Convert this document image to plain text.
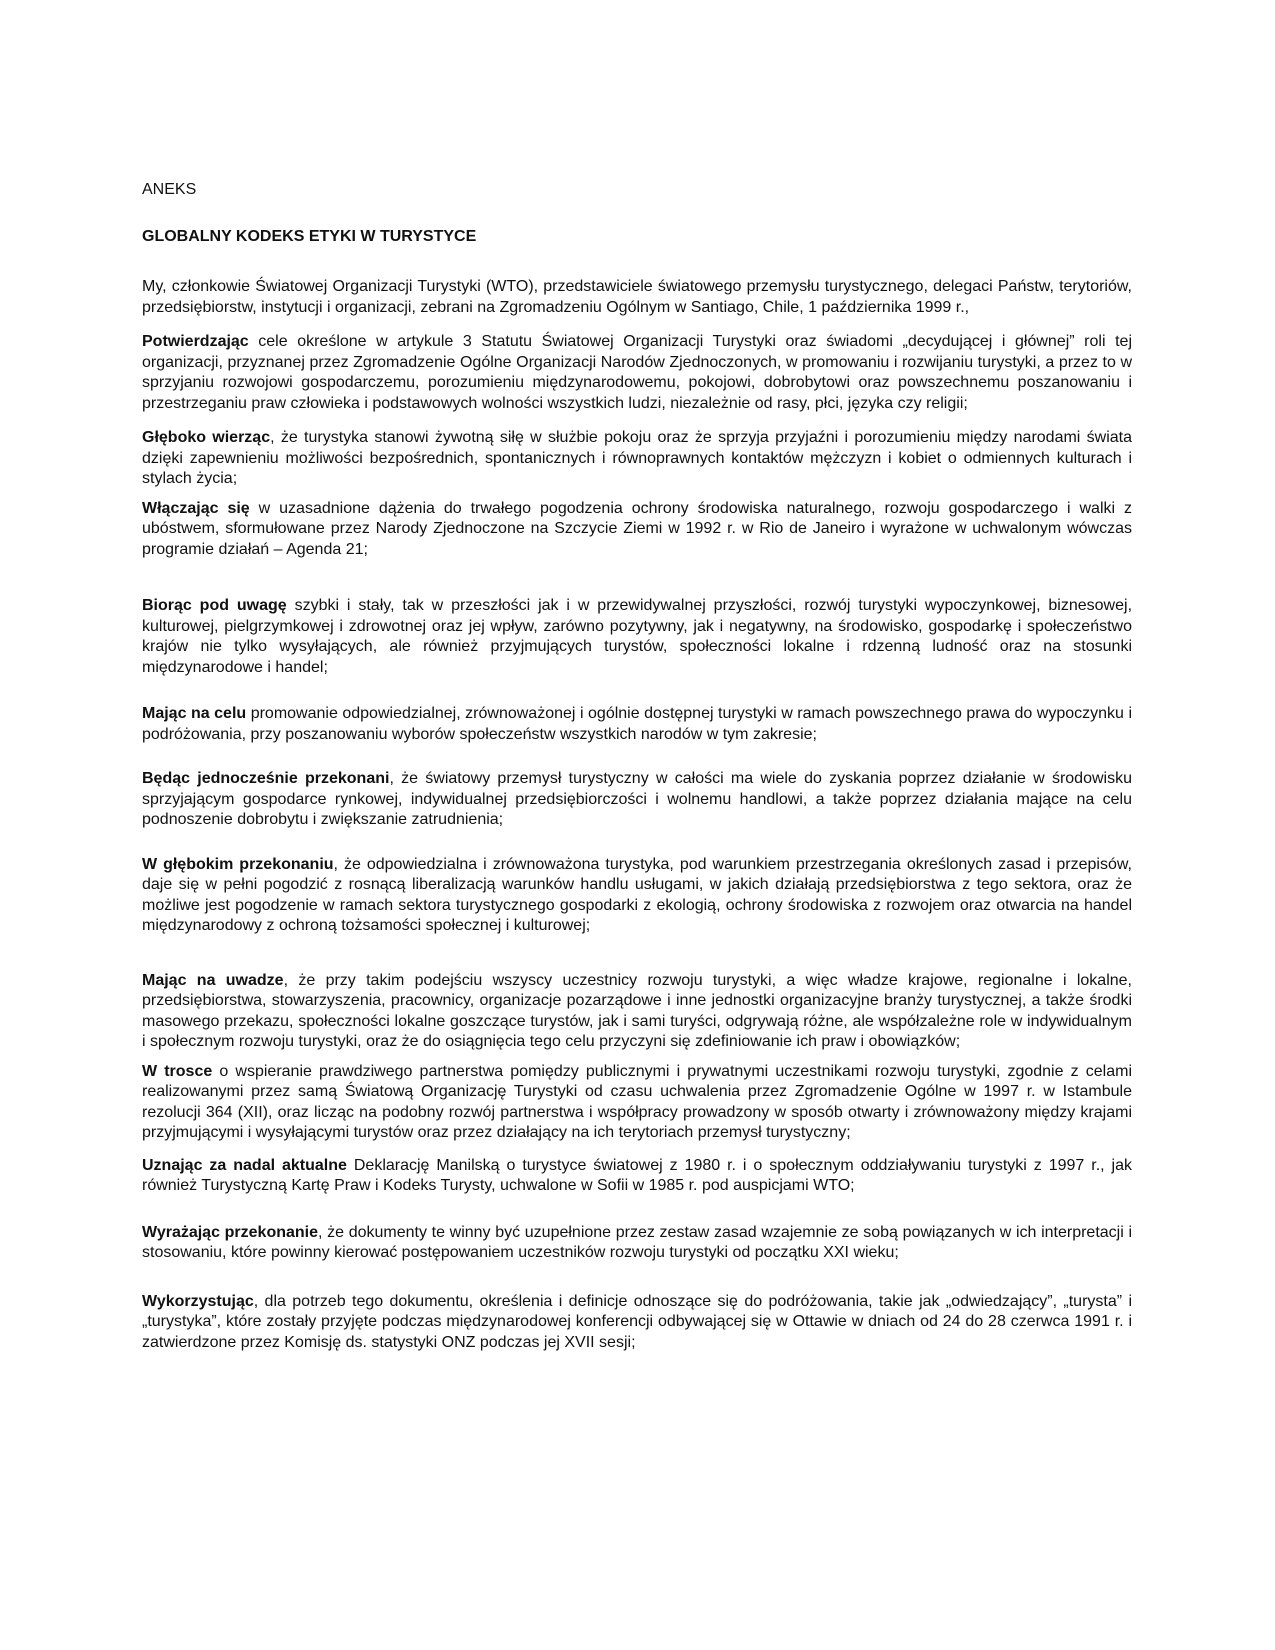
ANEKS

GLOBALNY KODEKS ETYKI W TURYSTYCE

My, członkowie Światowej Organizacji Turystyki (WTO), przedstawiciele światowego przemysłu turystycznego, delegaci Państw, terytoriów, przedsiębiorstw, instytucji i organizacji, zebrani na Zgromadzeniu Ogólnym w Santiago, Chile, 1 października 1999 r.,

Potwierdzając cele określone w artykule 3 Statutu Światowej Organizacji Turystyki oraz świadomi „decydującej i głównej” roli tej organizacji, przyznanej przez Zgromadzenie Ogólne Organizacji Narodów Zjednoczonych, w promowaniu i rozwijaniu turystyki, a przez to w sprzyjaniu rozwojowi gospodarczemu, porozumieniu międzynarodowemu, pokojowi, dobrobytowi oraz powszechnemu poszanowaniu i przestrzeganiu praw człowieka i podstawowych wolności wszystkich ludzi, niezależnie od rasy, płci, języka czy religii;

Głęboko wierząc, że turystyka stanowi żywotną siłę w służbie pokoju oraz że sprzyja przyjaźni i porozumieniu między narodami świata dzięki zapewnieniu możliwości bezpośrednich, spontanicznych i równoprawnych kontaktów mężczyzn i kobiet o odmiennych kulturach i stylach życia;

Włączając się w uzasadnione dążenia do trwałego pogodzenia ochrony środowiska naturalnego, rozwoju gospodarczego i walki z ubóstwem, sformułowane przez Narody Zjednoczone na Szczycie Ziemi w 1992 r. w Rio de Janeiro i wyrażone w uchwalonym wówczas programie działań – Agenda 21;

Biorąc pod uwagę szybki i stały, tak w przeszłości jak i w przewidywalnej przyszłości, rozwój turystyki wypoczynkowej, biznesowej, kulturowej, pielgrzymkowej i zdrowotnej oraz jej wpływ, zarówno pozytywny, jak i negatywny, na środowisko, gospodarkę i społeczeństwo krajów nie tylko wysyłających, ale również przyjmujących turystów, społeczności lokalne i rdzenną ludność oraz na stosunki międzynarodowe i handel;

Mając na celu promowanie odpowiedzialnej, zrównoważonej i ogólnie dostępnej turystyki w ramach powszechnego prawa do wypoczynku i podróżowania, przy poszanowaniu wyborów społeczeństw wszystkich narodów w tym zakresie;

Będąc jednocześnie przekonani, że światowy przemysł turystyczny w całości ma wiele do zyskania poprzez działanie w środowisku sprzyjającym gospodarce rynkowej, indywidualnej przedsiębiorczości i wolnemu handlowi, a także poprzez działania mające na celu podnoszenie dobrobytu i zwiększanie zatrudnienia;

W głębokim przekonaniu, że odpowiedzialna i zrównoważona turystyka, pod warunkiem przestrzegania określonych zasad i przepisów, daje się w pełni pogodzić z rosnącą liberalizacją warunków handlu usługami, w jakich działają przedsiębiorstwa z tego sektora, oraz że możliwe jest pogodzenie w ramach sektora turystycznego gospodarki z ekologią, ochrony środowiska z rozwojem oraz otwarcia na handel międzynarodowy z ochroną tożsamości społecznej i kulturowej;

Mając na uwadze, że przy takim podejściu wszyscy uczestnicy rozwoju turystyki, a więc władze krajowe, regionalne i lokalne, przedsiębiorstwa, stowarzyszenia, pracownicy, organizacje pozarządowe i inne jednostki organizacyjne branży turystycznej, a także środki masowego przekazu, społeczności lokalne goszczące turystów, jak i sami turyści, odgrywają różne, ale współzależne role w indywidualnym i społecznym rozwoju turystyki, oraz że do osiągnięcia tego celu przyczyni się zdefiniowanie ich praw i obowiązków;

W trosce o wspieranie prawdziwego partnerstwa pomiędzy publicznymi i prywatnymi uczestnikami rozwoju turystyki, zgodnie z celami realizowanymi przez samą Światową Organizację Turystyki od czasu uchwalenia przez Zgromadzenie Ogólne w 1997 r. w Istambule rezolucji 364 (XII), oraz licząc na podobny rozwój partnerstwa i współpracy prowadzony w sposób otwarty i zrównoważony między krajami przyjmującymi i wysyłającymi turystów oraz przez działający na ich terytoriach przemysł turystyczny;

Uznając za nadal aktualne Deklarację Manilską o turystyce światowej z 1980 r. i o społecznym oddziaływaniu turystyki z 1997 r., jak również Turystyczną Kartę Praw i Kodeks Turysty, uchwalone w Sofii w 1985 r. pod auspicjami WTO;

Wyrażając przekonanie, że dokumenty te winny być uzupełnione przez zestaw zasad wzajemnie ze sobą powiązanych w ich interpretacji i stosowaniu, które powinny kierować postępowaniem uczestników rozwoju turystyki od początku XXI wieku;

Wykorzystując, dla potrzeb tego dokumentu, określenia i definicje odnoszące się do podróżowania, takie jak „odwiedzający”, „turysta” i „turystyka”, które zostały przyjęte podczas międzynarodowej konferencji odbywającej się w Ottawie w dniach od 24 do 28 czerwca 1991 r. i zatwierdzone przez Komisję ds. statystyki ONZ podczas jej XVII sesji;
